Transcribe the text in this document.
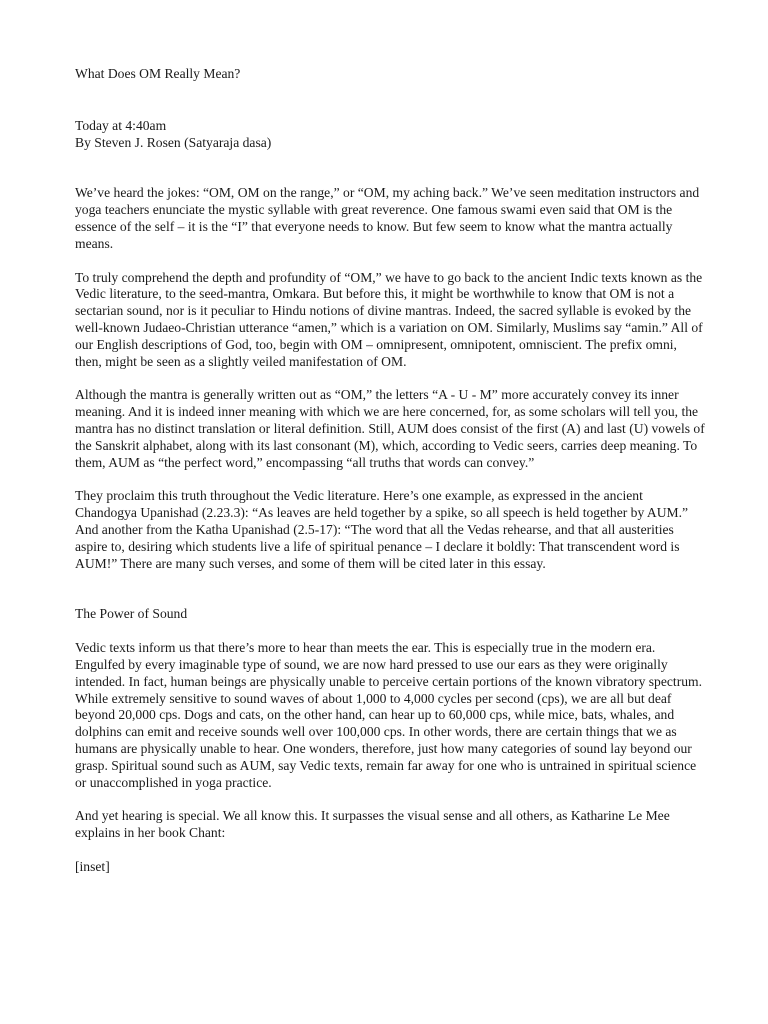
What Does OM Really Mean?
Today at 4:40am
By Steven J. Rosen (Satyaraja dasa)

We’ve heard the jokes: “OM, OM on the range,” or “OM, my aching back.” We’ve seen meditation instructors and yoga teachers enunciate the mystic syllable with great reverence. One famous swami even said that OM is the essence of the self – it is the “I” that everyone needs to know. But few seem to know what the mantra actually means.

To truly comprehend the depth and profundity of “OM,” we have to go back to the ancient Indic texts known as the Vedic literature, to the seed-mantra, Omkara. But before this, it might be worthwhile to know that OM is not a sectarian sound, nor is it peculiar to Hindu notions of divine mantras. Indeed, the sacred syllable is evoked by the well-known Judaeo-Christian utterance “amen,” which is a variation on OM. Similarly, Muslims say “amin.” All of our English descriptions of God, too, begin with OM – omnipresent, omnipotent, omniscient. The prefix omni, then, might be seen as a slightly veiled manifestation of OM.

Although the mantra is generally written out as “OM,” the letters “A - U - M” more accurately convey its inner meaning. And it is indeed inner meaning with which we are here concerned, for, as some scholars will tell you, the mantra has no distinct translation or literal definition. Still, AUM does consist of the first (A) and last (U) vowels of the Sanskrit alphabet, along with its last consonant (M), which, according to Vedic seers, carries deep meaning. To them, AUM as “the perfect word,” encompassing “all truths that words can convey.”

They proclaim this truth throughout the Vedic literature. Here’s one example, as expressed in the ancient Chandogya Upanishad (2.23.3): “As leaves are held together by a spike, so all speech is held together by AUM.” And another from the Katha Upanishad (2.5-17): “The word that all the Vedas rehearse, and that all austerities aspire to, desiring which students live a life of spiritual penance – I declare it boldly: That transcendent word is AUM!” There are many such verses, and some of them will be cited later in this essay.

The Power of Sound

Vedic texts inform us that there’s more to hear than meets the ear. This is especially true in the modern era. Engulfed by every imaginable type of sound, we are now hard pressed to use our ears as they were originally intended. In fact, human beings are physically unable to perceive certain portions of the known vibratory spectrum. While extremely sensitive to sound waves of about 1,000 to 4,000 cycles per second (cps), we are all but deaf beyond 20,000 cps. Dogs and cats, on the other hand, can hear up to 60,000 cps, while mice, bats, whales, and dolphins can emit and receive sounds well over 100,000 cps. In other words, there are certain things that we as humans are physically unable to hear. One wonders, therefore, just how many categories of sound lay beyond our grasp. Spiritual sound such as AUM, say Vedic texts, remain far away for one who is untrained in spiritual science or unaccomplished in yoga practice.

And yet hearing is special. We all know this. It surpasses the visual sense and all others, as Katharine Le Mee explains in her book Chant:

[inset]
